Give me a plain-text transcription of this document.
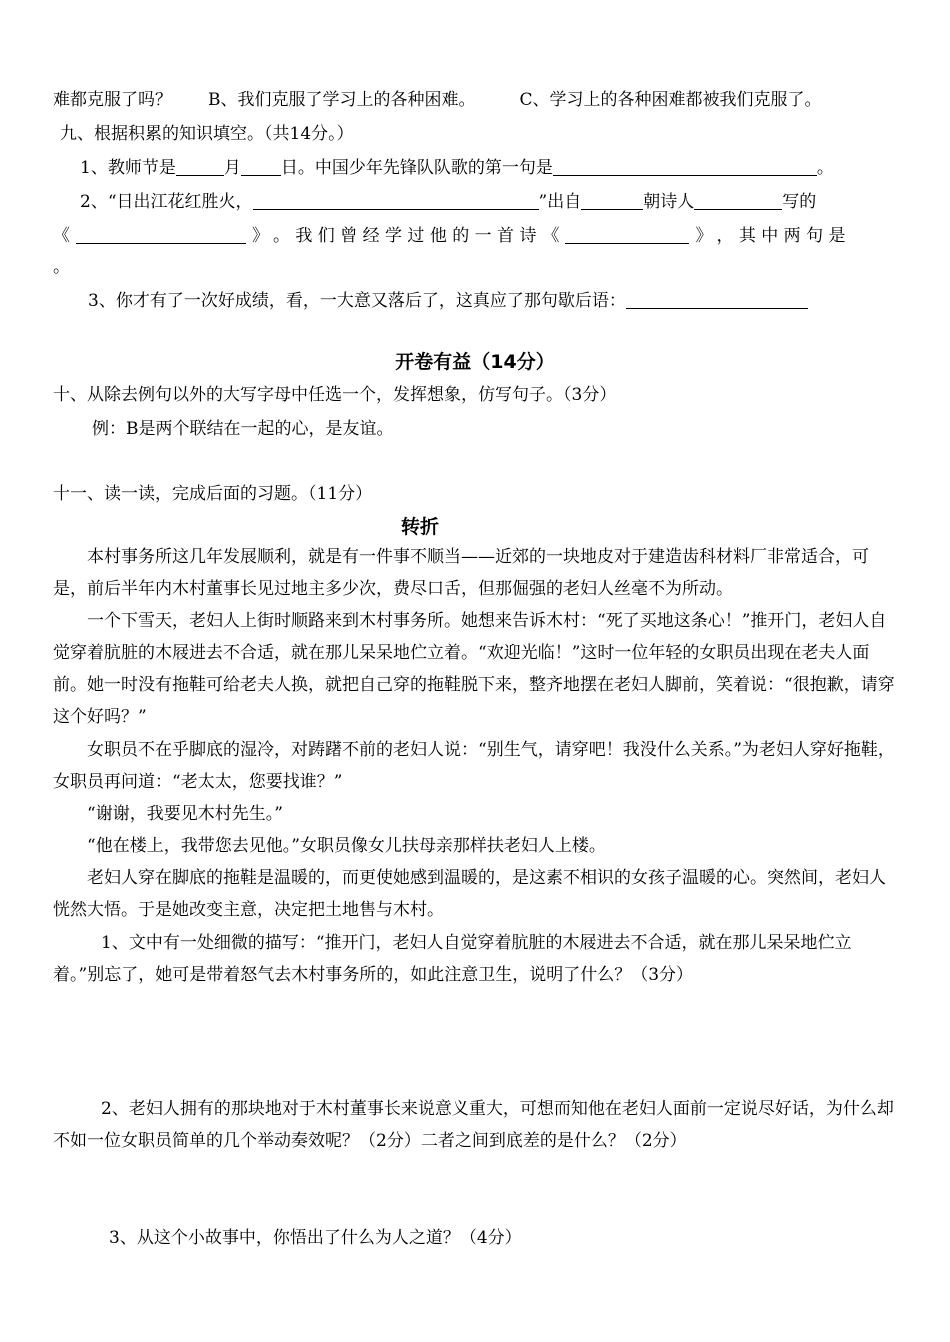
难都克服了吗？ B、我们克服了学习上的各种困难。	C、学习上的各种困难都被我们克服了。
九、根据积累的知识填空。（共14分。）
1、教师节是	月 日。中国少年先锋队队歌的第一句是	。
2、“日出江花红胜火，	”出自	朝诗人	写的
《	》 。 我 们 曾 经 学 过 他 的 一 首 诗 《	》 ， 其 中 两 句 是
。
3、你才有了一次好成绩，看，一大意又落后了，这真应了那句歇后语：
开卷有益（14分）
十、从除去例句以外的大写字母中任选一个，发挥想象，仿写句子。（3分）
例：B是两个联结在一起的心，是友谊。
十一、读一读，完成后面的习题。（11分）
转折
本村事务所这几年发展顺利，就是有一件事不顺当——近郊的一块地皮对于建造齿科材料厂非常适合，可是，前后半年内木村董事长见过地主多少次，费尽口舌，但那倔强的老妇人丝毫不为所动。
一个下雪天，老妇人上街时顺路来到木村事务所。她想来告诉木村：“死了买地这条心！”推开门，老妇人自觉穿着肮脏的木屐进去不合适，就在那儿呆呆地伫立着。“欢迎光临！”这时一位年轻的女职员出现在老夫人面前。她一时没有拖鞋可给老夫人换，就把自己穿的拖鞋脱下来，整齐地摆在老妇人脚前，笑着说：“很抱歉，请穿这个好吗？”
女职员不在乎脚底的湿冷，对踌躇不前的老妇人说：“别生气，请穿吧！我没什么关系。”为老妇人穿好拖鞋，女职员再问道：“老太太，您要找谁？”
“谢谢，我要见木村先生。”
“他在楼上，我带您去见他。”女职员像女儿扶母亲那样扶老妇人上楼。
老妇人穿在脚底的拖鞋是温暖的，而更使她感到温暖的，是这素不相识的女孩子温暖的心。突然间，老妇人恍然大悟。于是她改变主意，决定把土地售与木村。
1、文中有一处细微的描写：“推开门，老妇人自觉穿着肮脏的木屐进去不合适，就在那儿呆呆地伫立着。”别忘了，她可是带着怒气去木村事务所的，如此注意卫生，说明了什么？（3分）
2、老妇人拥有的那块地对于木村董事长来说意义重大，可想而知他在老妇人面前一定说尽好话，为什么却不如一位女职员简单的几个举动奏效呢？（2分）二者之间到底差的是什么？（2分）
3、从这个小故事中，你悟出了什么为人之道？（4分）
